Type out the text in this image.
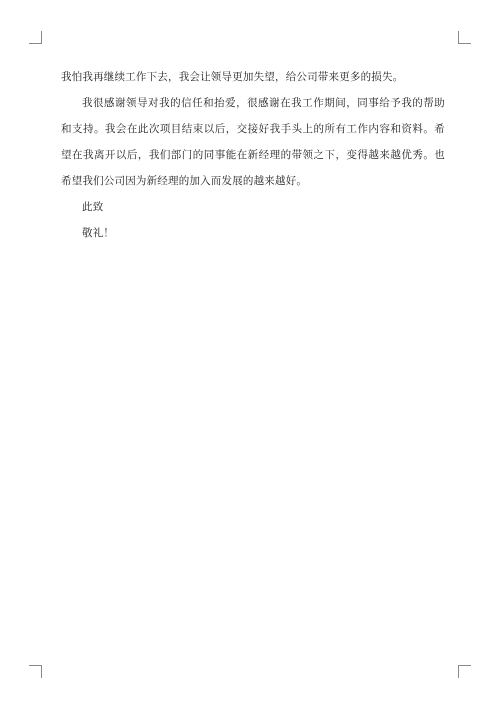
我怕我再继续工作下去，我会让领导更加失望，给公司带来更多的损失。

我很感谢领导对我的信任和抬爱，很感谢在我工作期间，同事给予我的帮助和支持。我会在此次项目结束以后，交接好我手头上的所有工作内容和资料。希望在我离开以后，我们部门的同事能在新经理的带领之下，变得越来越优秀。也希望我们公司因为新经理的加入而发展的越来越好。

此致

敬礼！
